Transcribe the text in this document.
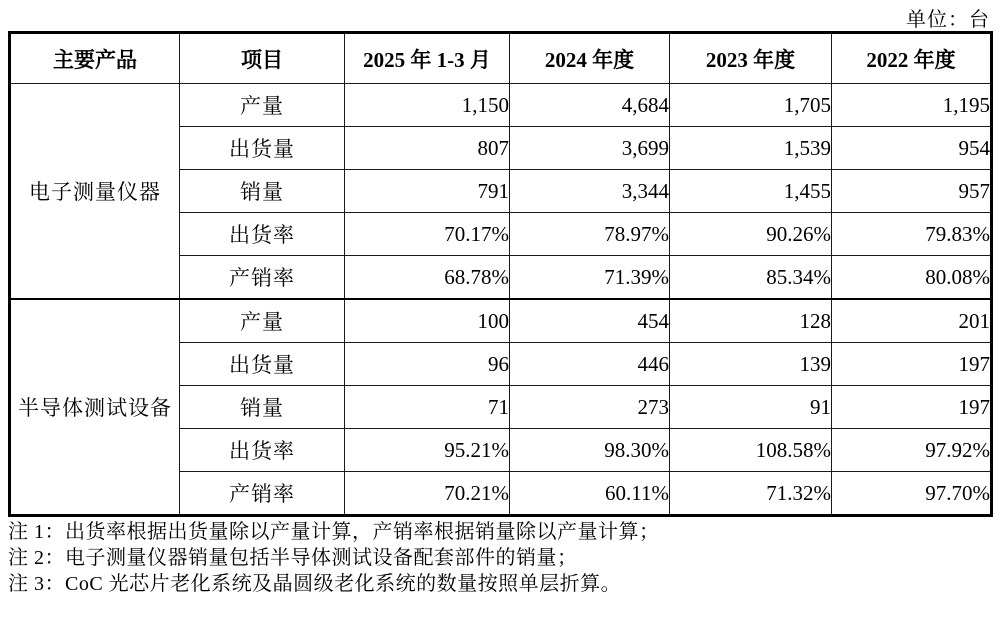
单位：台
主要产品	项目	2025 年 1-3 月	2024 年度	2023 年度	2022 年度
电子测量仪器	产量	1,150	4,684	1,705	1,195
	出货量	807	3,699	1,539	954
	销量	791	3,344	1,455	957
	出货率	70.17%	78.97%	90.26%	79.83%
	产销率	68.78%	71.39%	85.34%	80.08%
半导体测试设备	产量	100	454	128	201
	出货量	96	446	139	197
	销量	71	273	91	197
	出货率	95.21%	98.30%	108.58%	97.92%
	产销率	70.21%	60.11%	71.32%	97.70%
注 1：出货率根据出货量除以产量计算，产销率根据销量除以产量计算；
注 2：电子测量仪器销量包括半导体测试设备配套部件的销量；
注 3：CoC 光芯片老化系统及晶圆级老化系统的数量按照单层折算。
